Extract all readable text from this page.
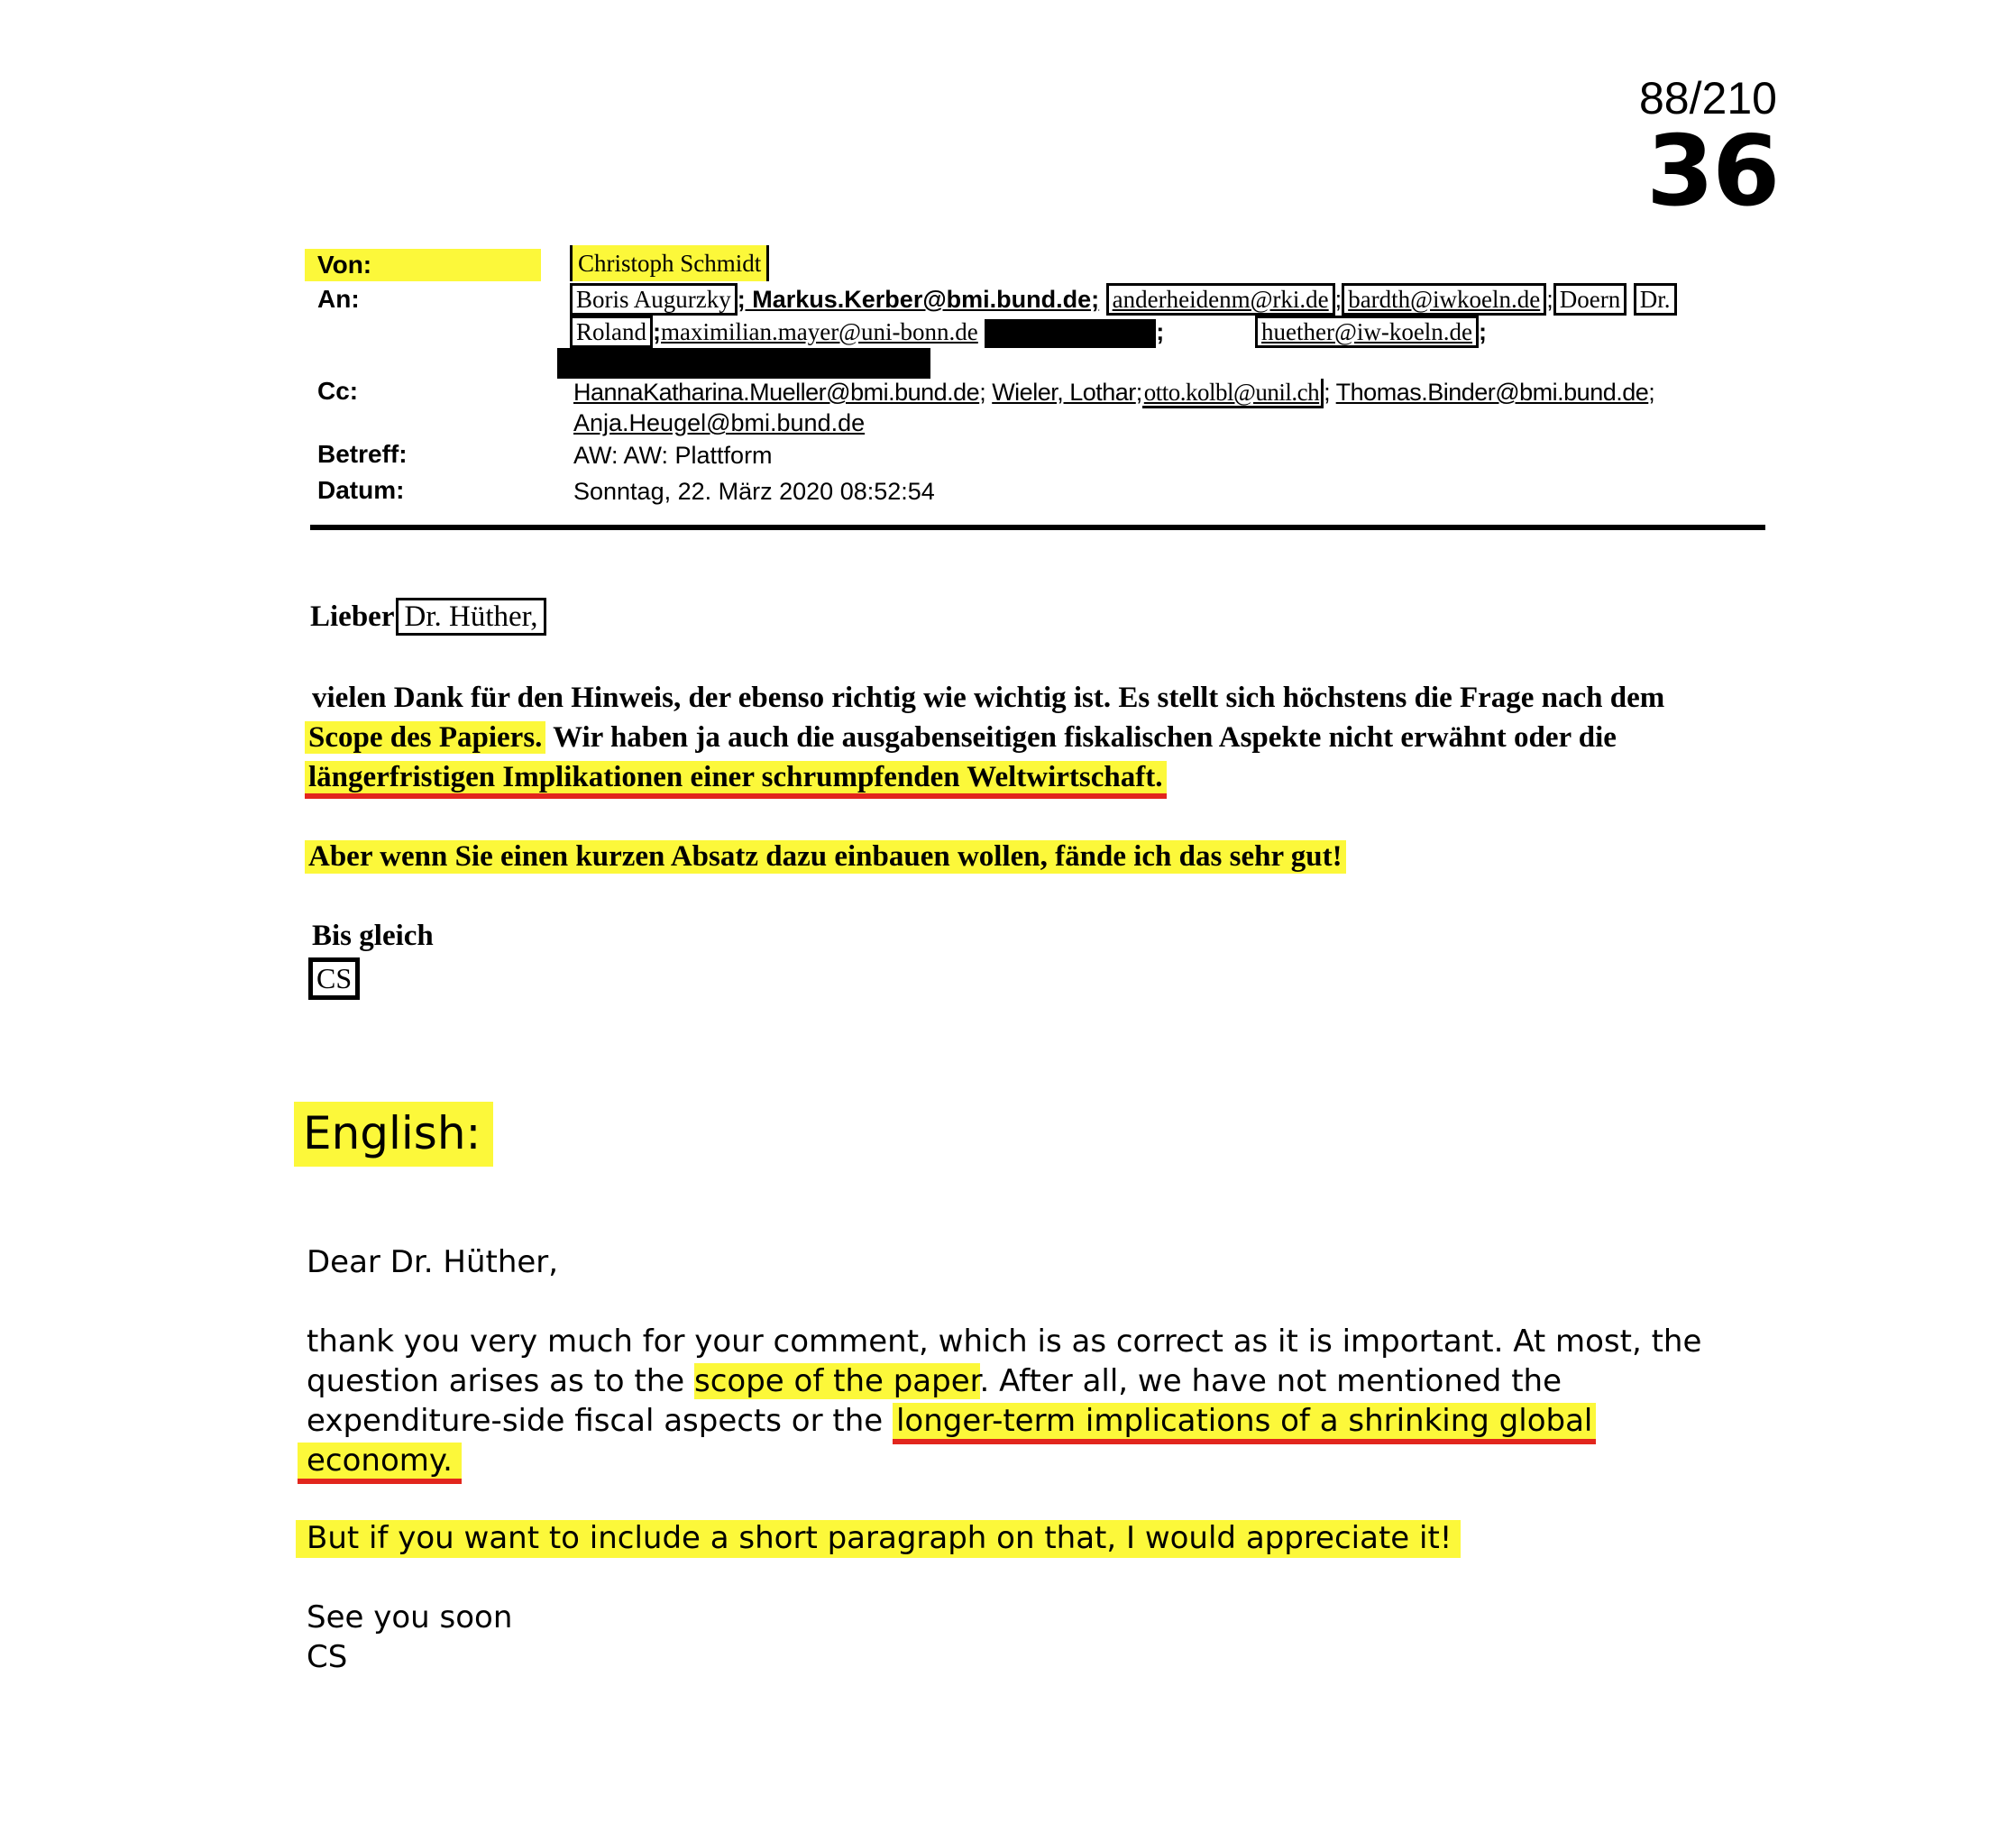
88/210
36
Von:
An:
Cc:
Betreff:
Datum:
Christoph Schmidt
Boris Augurzky ; Markus.Kerber@bmi.bund.de; anderheidenm@rki.de ; bardth@iwkoeln.de ; Doern Dr.
Roland ;maximilian.mayer@uni-bonn.de	;	huether@iw-koeln.de ;
HannaKatharina.Mueller@bmi.bund.de; Wieler, Lothar;otto.kolbl@unil.ch ; Thomas.Binder@bmi.bund.de;
Anja.Heugel@bmi.bund.de
AW: AW: Plattform
Sonntag, 22. März 2020 08:52:54
Lieber Dr. Hüther,
vielen Dank für den Hinweis, der ebenso richtig wie wichtig ist. Es stellt sich höchstens die Frage nach dem
Scope des Papiers. Wir haben ja auch die ausgabenseitigen fiskalischen Aspekte nicht erwähnt oder die
längerfristigen Implikationen einer schrumpfenden Weltwirtschaft.
Aber wenn Sie einen kurzen Absatz dazu einbauen wollen, fände ich das sehr gut!
Bis gleich
CS
English:
Dear Dr. Hüther,
thank you very much for your comment, which is as correct as it is important. At most, the
question arises as to the scope of the paper. After all, we have not mentioned the
expenditure-side fiscal aspects or the longer-term implications of a shrinking global
economy.
But if you want to include a short paragraph on that, I would appreciate it!
See you soon
CS
